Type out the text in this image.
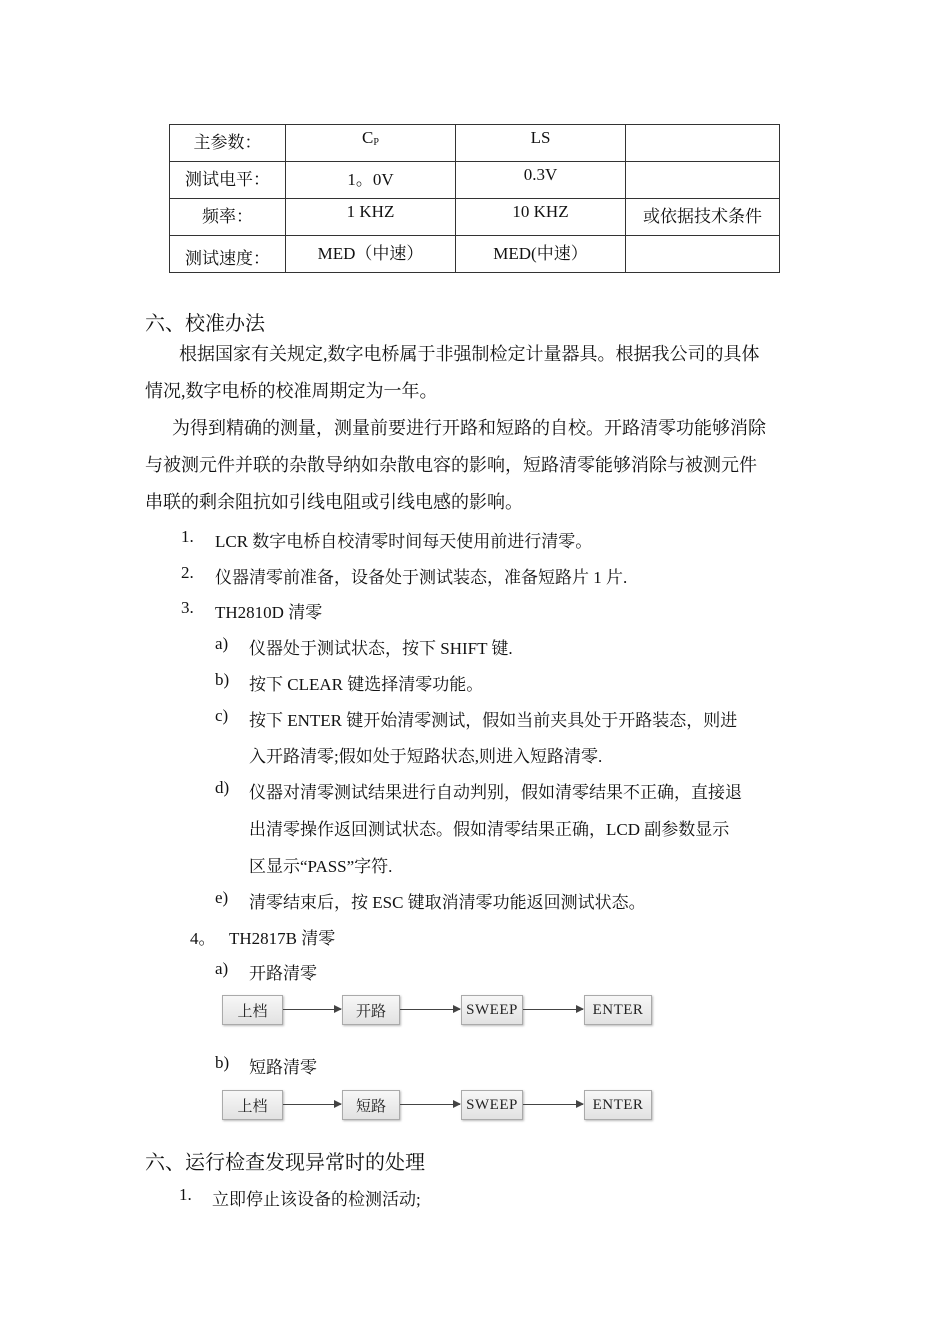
主参数：	$C_P$	LS	
测试电平：	1。0V	0.3V	
频率：	1 KHZ	10 KHZ	或依据技术条件
测试速度：	MED（中速）	MED(中速）	
六、校准办法
根据国家有关规定,数字电桥属于非强制检定计量器具。根据我公司的具体
情况,数字电桥的校准周期定为一年。
为得到精确的测量，测量前要进行开路和短路的自校。开路清零功能够消除
与被测元件并联的杂散导纳如杂散电容的影响，短路清零能够消除与被测元件
串联的剩余阻抗如引线电阻或引线电感的影响。
1. LCR 数字电桥自校清零时间每天使用前进行清零。
2. 仪器清零前准备，设备处于测试装态，准备短路片 1 片.
3. TH2810D 清零
a) 仪器处于测试状态，按下 SHIFT 键.
b) 按下 CLEAR 键选择清零功能。
c) 按下 ENTER 键开始清零测试，假如当前夹具处于开路装态，则进
入开路清零;假如处于短路状态,则进入短路清零.
d) 仪器对清零测试结果进行自动判别，假如清零结果不正确，直接退
出清零操作返回测试状态。假如清零结果正确，LCD 副参数显示
区显示“PASS”字符.
e) 清零结束后，按 ESC 键取消清零功能返回测试状态。
4。 TH2817B 清零
a) 开路清零
上档	开路	SWEEP	ENTER
b) 短路清零
上档	短路	SWEEP	ENTER
六、运行检查发现异常时的处理
1. 立即停止该设备的检测活动;
